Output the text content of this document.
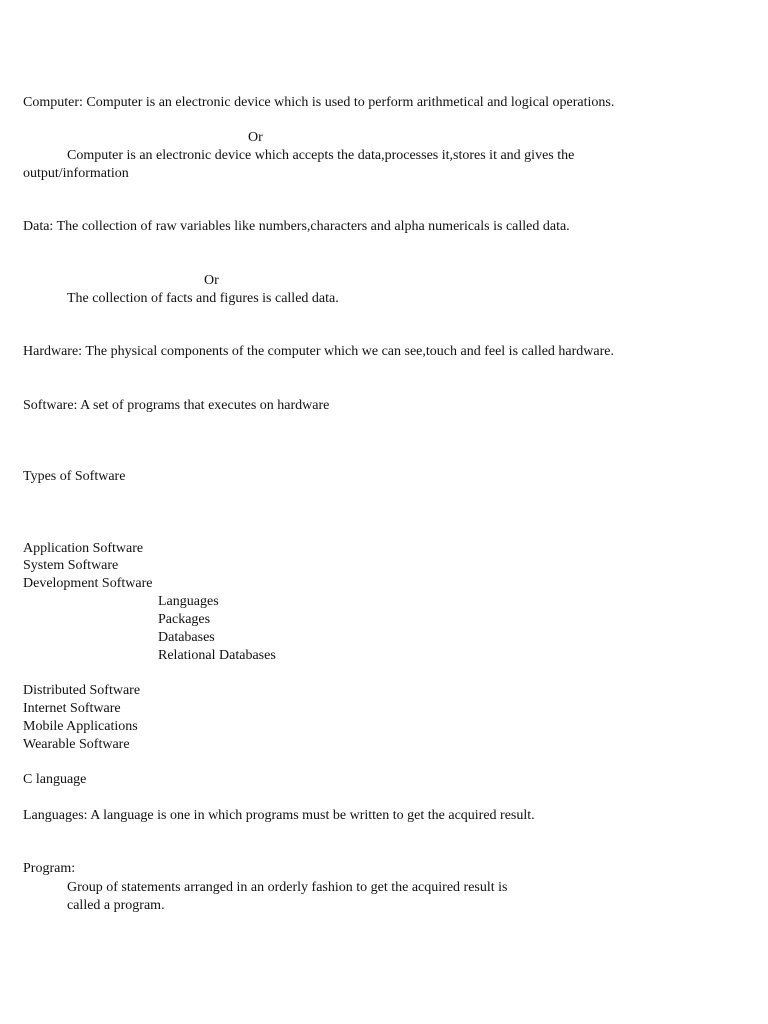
Computer: Computer is an electronic device which is used to perform arithmetical and logical operations.
Or
Computer is an electronic device which accepts the data,processes it,stores it and gives the
output/information
Data: The collection of raw variables like numbers,characters and alpha numericals is called data.
Or
The collection of facts and figures is called data.
Hardware: The physical components of the computer which we can see,touch and feel is called hardware.
Software: A set of programs that executes on hardware
Types of Software
Application Software
System Software
Development Software
Languages
Packages
Databases
Relational Databases
Distributed Software
Internet Software
Mobile Applications
Wearable Software
C language
Languages: A language is one in which programs must be written to get the acquired result.
Program:
Group of statements arranged in an orderly fashion to get the acquired result is
called a program.
